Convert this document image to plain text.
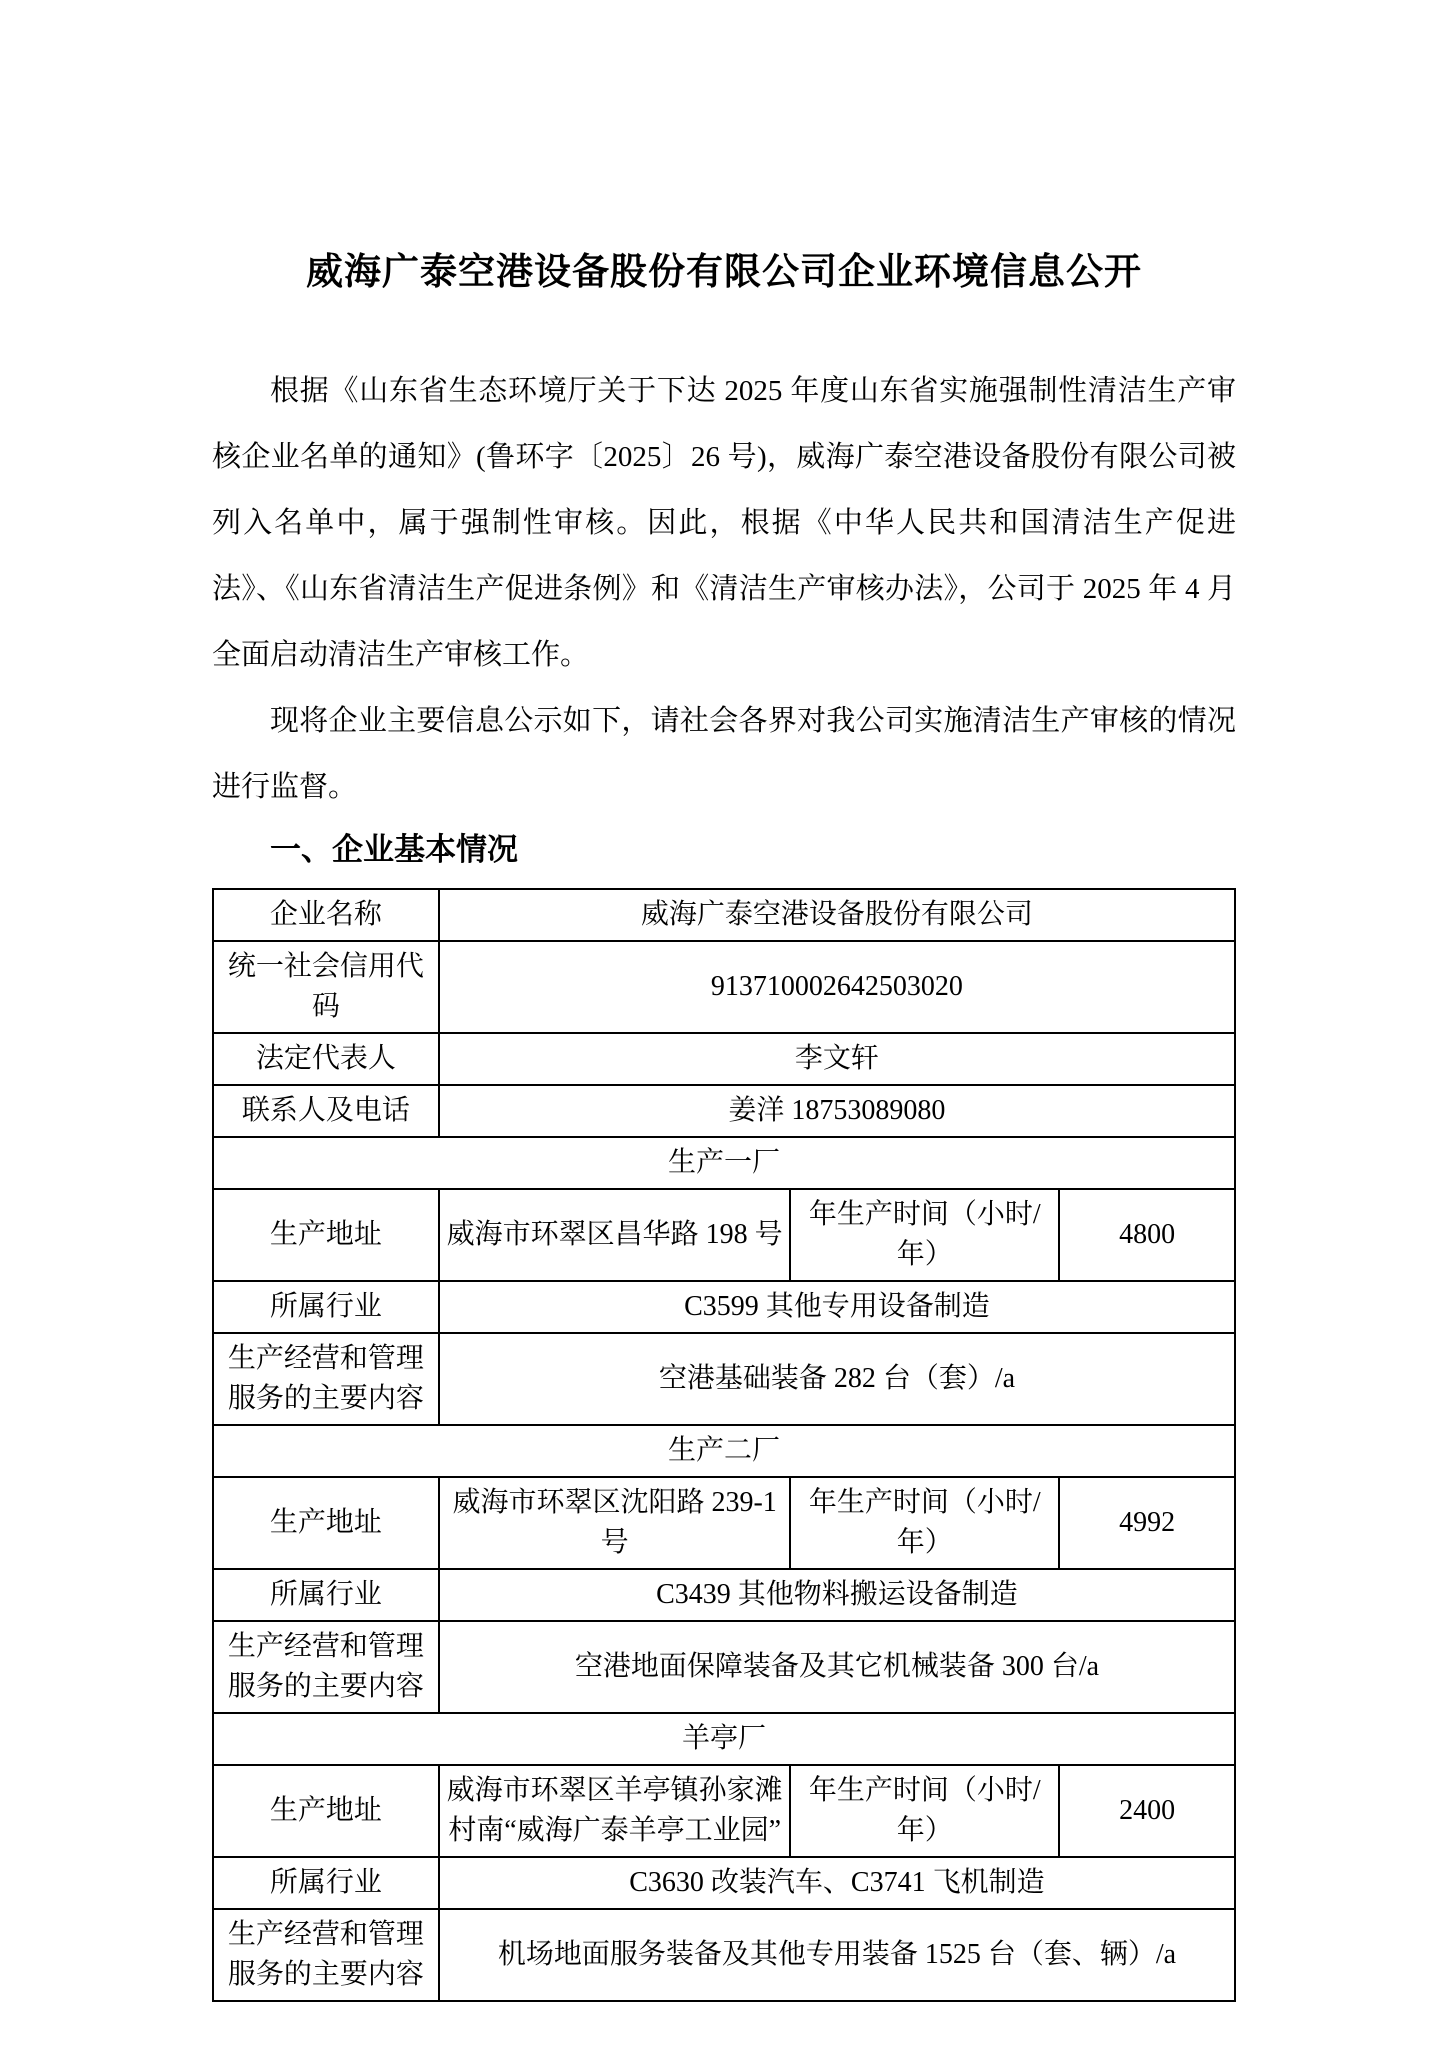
威海广泰空港设备股份有限公司企业环境信息公开

根据《山东省生态环境厅关于下达 2025 年度山东省实施强制性清洁生产审核企业名单的通知》(鲁环字〔2025〕26 号)，威海广泰空港设备股份有限公司被列入名单中，属于强制性审核。因此，根据《中华人民共和国清洁生产促进法》、《山东省清洁生产促进条例》和《清洁生产审核办法》，公司于 2025 年 4 月全面启动清洁生产审核工作。

现将企业主要信息公示如下，请社会各界对我公司实施清洁生产审核的情况进行监督。

一、企业基本情况
企业名称	威海广泰空港设备股份有限公司		
统一社会信用代码	913710002642503020		
法定代表人	李文轩		
联系人及电话	姜洋 18753089080		
生产一厂			
生产地址	威海市环翠区昌华路 198 号	年生产时间（小时/年）	4800
所属行业	C3599 其他专用设备制造		
生产经营和管理服务的主要内容	空港基础装备 282 台（套）/a		
生产二厂			
生产地址	威海市环翠区沈阳路 239-1 号	年生产时间（小时/年）	4992
所属行业	C3439 其他物料搬运设备制造		
生产经营和管理服务的主要内容	空港地面保障装备及其它机械装备 300 台/a		
羊亭厂			
生产地址	威海市环翠区羊亭镇孙家滩村南“威海广泰羊亭工业园”	年生产时间（小时/年）	2400
所属行业	C3630 改装汽车、C3741 飞机制造		
生产经营和管理服务的主要内容	机场地面服务装备及其他专用装备 1525 台（套、辆）/a		
